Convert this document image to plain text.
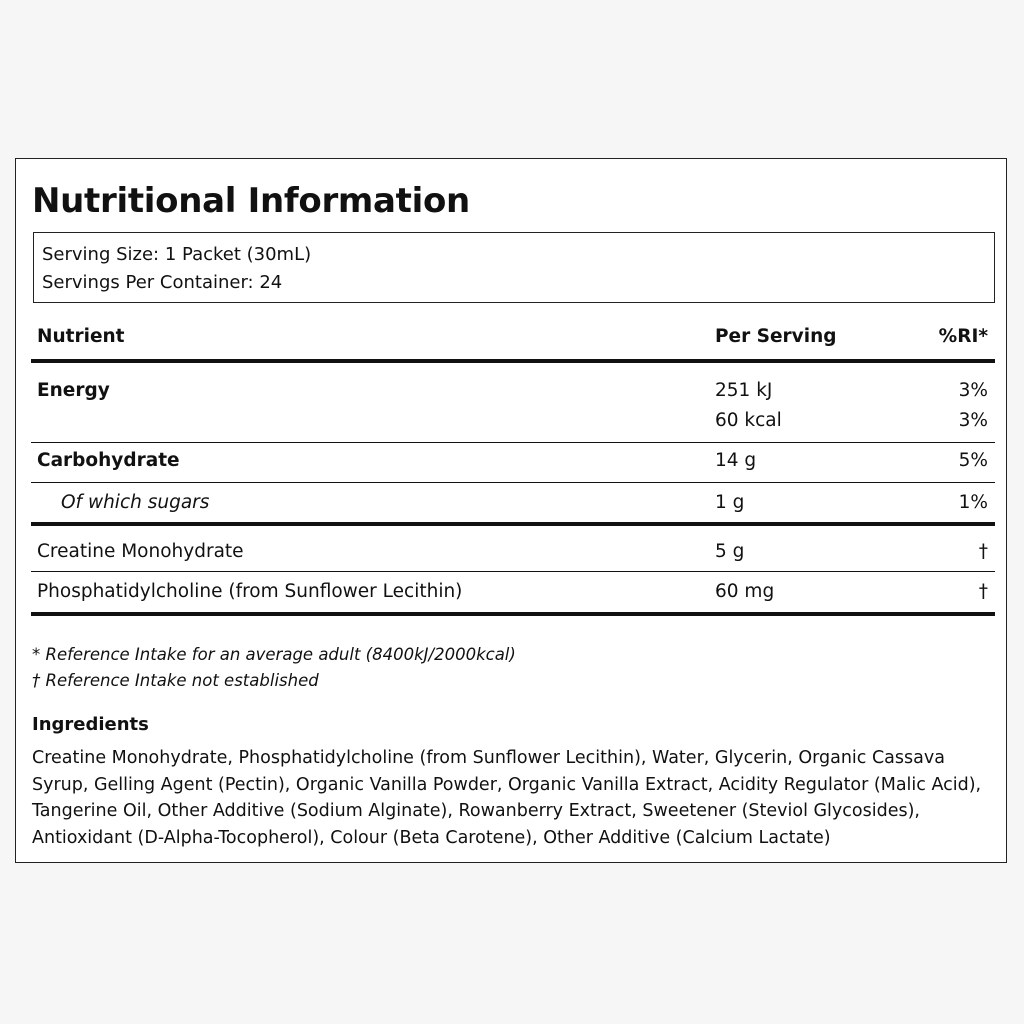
Nutritional Information
Serving Size: 1 Packet (30mL)
Servings Per Container: 24
Nutrient	Per Serving	%RI*
Energy	251 kJ	3%
60 kcal	3%
Carbohydrate	14 g	5%
Of which sugars	1 g	1%
Creatine Monohydrate	5 g	†
Phosphatidylcholine (from Sunflower Lecithin)	60 mg	†
* Reference Intake for an average adult (8400kJ/2000kcal)
† Reference Intake not established
Ingredients
Creatine Monohydrate, Phosphatidylcholine (from Sunflower Lecithin), Water, Glycerin, Organic Cassava Syrup, Gelling Agent (Pectin), Organic Vanilla Powder, Organic Vanilla Extract, Acidity Regulator (Malic Acid), Tangerine Oil, Other Additive (Sodium Alginate), Rowanberry Extract, Sweetener (Steviol Glycosides), Antioxidant (D-Alpha-Tocopherol), Colour (Beta Carotene), Other Additive (Calcium Lactate)
